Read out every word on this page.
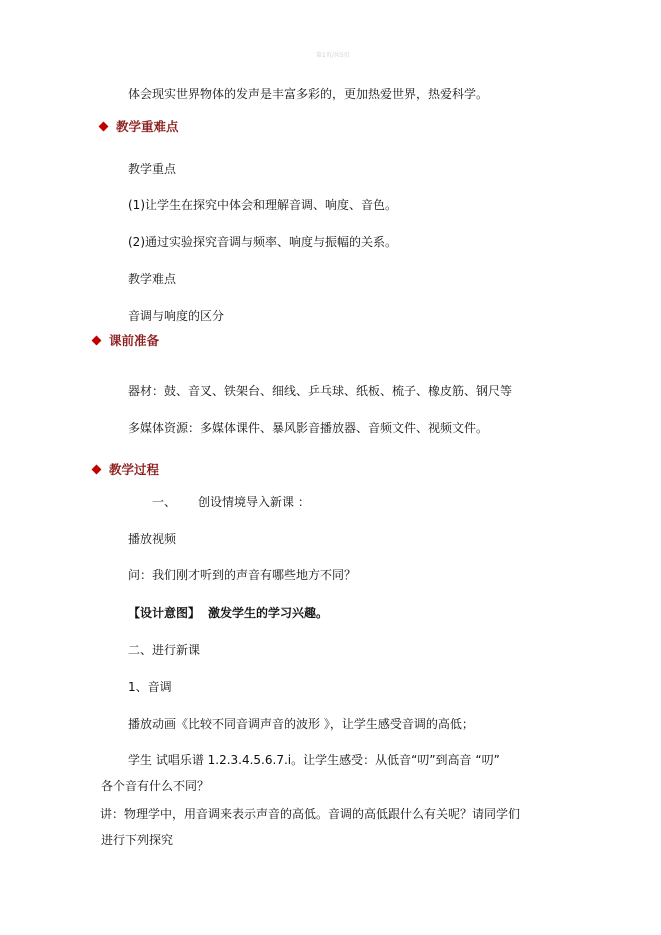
第1页/共5页
体会现实世界物体的发声是丰富多彩的，更加热爱世界，热爱科学。
教学重难点
教学重点
(1)让学生在探究中体会和理解音调、响度、音色。
(2)通过实验探究音调与频率、响度与振幅的关系。
教学难点
音调与响度的区分
课前准备
器材：鼓、音叉、铁架台、细线、乒乓球、纸板、梳子、橡皮筋、钢尺等
多媒体资源：多媒体课件、暴风影音播放器、音频文件、视频文件。
教学过程
一、 创设情境导入新课 ：
播放视频
问：我们刚才听到的声音有哪些地方不同？
【设计意图】 激发学生的学习兴趣。
二、进行新课
1、音调
播放动画《比较不同音调声音的波形 》，让学生感受音调的高低；
学生 试唱乐谱 1.2.3.4.5.6.7.i。让学生感受：从低音“叨”到高音 “叨”
各个音有什么不同？
讲：物理学中，用音调来表示声音的高低。音调的高低跟什么有关呢？请同学们
进行下列探究
